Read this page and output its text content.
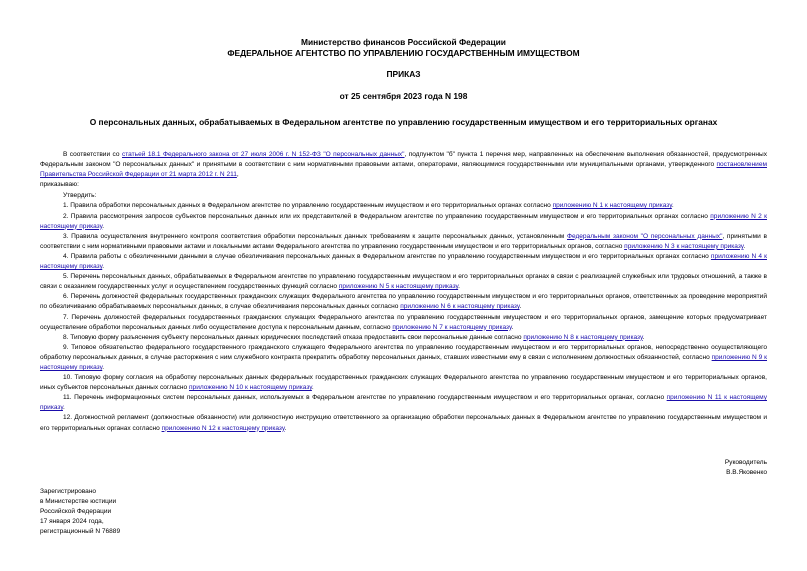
Министерство финансов Российской Федерации
ФЕДЕРАЛЬНОЕ АГЕНТСТВО ПО УПРАВЛЕНИЮ ГОСУДАРСТВЕННЫМ ИМУЩЕСТВОМ
ПРИКАЗ
от 25 сентября 2023 года N 198
О персональных данных, обрабатываемых в Федеральном агентстве по управлению государственным имуществом и его территориальных органах

В соответствии со статьей 18.1 Федерального закона от 27 июля 2006 г. N 152-ФЗ "О персональных данных", подпунктом "б" пункта 1 перечня мер, направленных на обеспечение выполнения обязанностей, предусмотренных Федеральным законом "О персональных данных" и принятыми в соответствии с ним нормативными правовыми актами, операторами, являющимися государственными или муниципальными органами, утвержденного постановлением Правительства Российской Федерации от 21 марта 2012 г. N 211,

приказываю:

Утвердить:

1. Правила обработки персональных данных в Федеральном агентстве по управлению государственным имуществом и его территориальных органах согласно приложению N 1 к настоящему приказу.

2. Правила рассмотрения запросов субъектов персональных данных или их представителей в Федеральном агентстве по управлению государственным имуществом и его территориальных органах согласно приложению N 2 к настоящему приказу.

3. Правила осуществления внутреннего контроля соответствия обработки персональных данных требованиям к защите персональных данных, установленным Федеральным законом "О персональных данных", принятыми в соответствии с ним нормативными правовыми актами и локальными актами Федерального агентства по управлению государственным имуществом и его территориальных органов, согласно приложению N 3 к настоящему приказу.

4. Правила работы с обезличенными данными в случае обезличивания персональных данных в Федеральном агентстве по управлению государственным имуществом и его территориальных органах согласно приложению N 4 к настоящему приказу.

5. Перечень персональных данных, обрабатываемых в Федеральном агентстве по управлению государственным имуществом и его территориальных органах в связи с реализацией служебных или трудовых отношений, а также в связи с оказанием государственных услуг и осуществлением государственных функций согласно приложению N 5 к настоящему приказу.

6. Перечень должностей федеральных государственных гражданских служащих Федерального агентства по управлению государственным имуществом и его территориальных органов, ответственных за проведение мероприятий по обезличиванию обрабатываемых персональных данных, в случае обезличивания персональных данных согласно приложению N 6 к настоящему приказу.

7. Перечень должностей федеральных государственных гражданских служащих Федерального агентства по управлению государственным имуществом и его территориальных органов, замещение которых предусматривает осуществление обработки персональных данных либо осуществление доступа к персональным данным, согласно приложению N 7 к настоящему приказу.

8. Типовую форму разъяснения субъекту персональных данных юридических последствий отказа предоставить свои персональные данные согласно приложению N 8 к настоящему приказу.

9. Типовое обязательство федерального государственного гражданского служащего Федерального агентства по управлению государственным имуществом и его территориальных органов, непосредственно осуществляющего обработку персональных данных, в случае расторжения с ним служебного контракта прекратить обработку персональных данных, ставших известными ему в связи с исполнением должностных обязанностей, согласно приложению N 9 к настоящему приказу.

10. Типовую форму согласия на обработку персональных данных федеральных государственных гражданских служащих Федерального агентства по управлению государственным имуществом и его территориальных органов, иных субъектов персональных данных согласно приложению N 10 к настоящему приказу.

11. Перечень информационных систем персональных данных, используемых в Федеральном агентстве по управлению государственным имуществом и его территориальных органах, согласно приложению N 11 к настоящему приказу.

12. Должностной регламент (должностные обязанности) или должностную инструкцию ответственного за организацию обработки персональных данных в Федеральном агентстве по управлению государственным имуществом и его территориальных органах согласно приложению N 12 к настоящему приказу.

Руководитель
В.В.Яковенко
Зарегистрировано
в Министерстве юстиции
Российской Федерации
17 января 2024 года,
регистрационный N 76889
